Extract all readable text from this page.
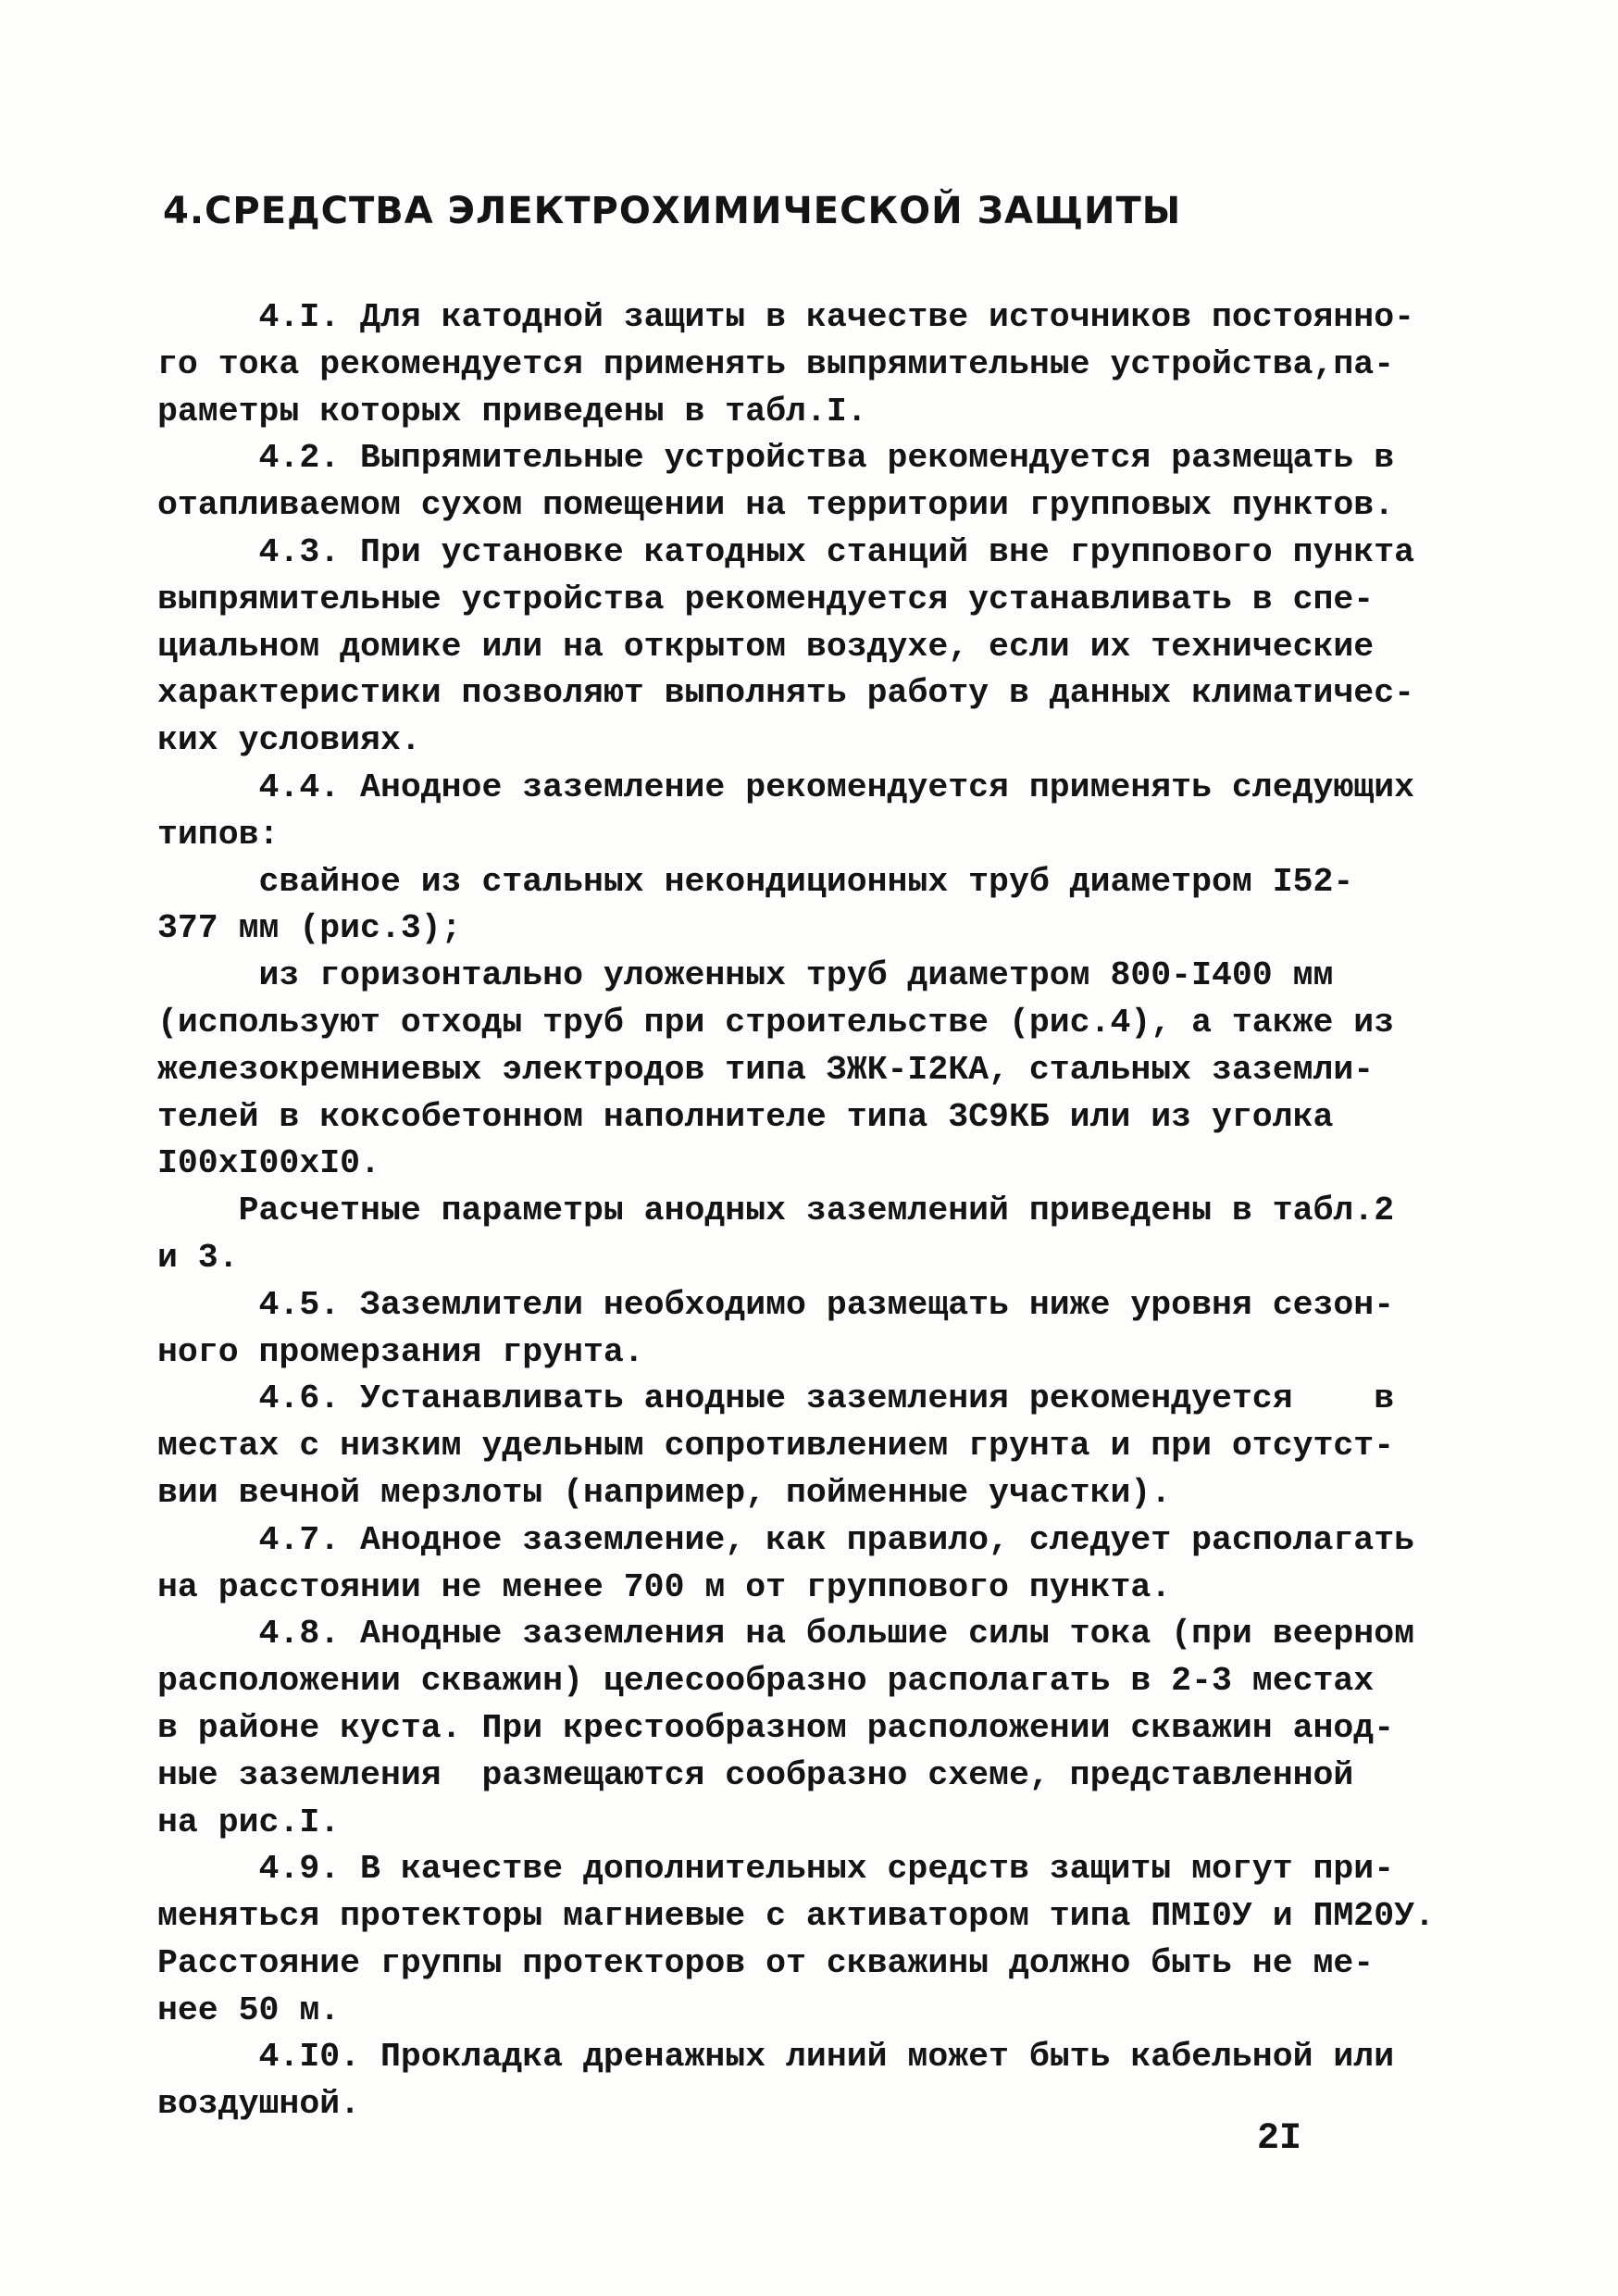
4.СРЕДСТВА ЭЛЕКТРОХИМИЧЕСКОЙ ЗАЩИТЫ
4.I. Для катодной защиты в качестве источников постоянно-
го тока рекомендуется применять выпрямительные устройства,па-
раметры которых приведены в табл.I.
4.2. Выпрямительные устройства рекомендуется размещать в
отапливаемом сухом помещении на территории групповых пунктов.
4.3. При установке катодных станций вне группового пункта
выпрямительные устройства рекомендуется устанавливать в спе-
циальном домике или на открытом воздухе, если их технические
характеристики позволяют выполнять работу в данных климатичес-
ких условиях.
4.4. Анодное заземление рекомендуется применять следующих
типов:
свайное из стальных некондиционных труб диаметром I52-
377 мм (рис.3);
из горизонтально уложенных труб диаметром 800-I400 мм
(используют отходы труб при строительстве (рис.4), а также из
железокремниевых электродов типа ЗЖК-I2КА, стальных заземли-
телей в коксобетонном наполнителе типа 3С9КБ или из уголка
I00хI00хI0.
Расчетные параметры анодных заземлений приведены в табл.2
и 3.
4.5. Заземлители необходимо размещать ниже уровня сезон-
ного промерзания грунта.
4.6. Устанавливать анодные заземления рекомендуется    в
местах с низким удельным сопротивлением грунта и при отсутст-
вии вечной мерзлоты (например, пойменные участки).
4.7. Анодное заземление, как правило, следует располагать
на расстоянии не менее 700 м от группового пункта.
4.8. Анодные заземления на большие силы тока (при веерном
расположении скважин) целесообразно располагать в 2-3 местах
в районе куста. При крестообразном расположении скважин анод-
ные заземления  размещаются сообразно схеме, представленной
на рис.I.
4.9. В качестве дополнительных средств защиты могут при-
меняться протекторы магниевые с активатором типа ПМI0У и ПМ20У.
Расстояние группы протекторов от скважины должно быть не ме-
нее 50 м.
4.I0. Прокладка дренажных линий может быть кабельной или
воздушной.
2I
